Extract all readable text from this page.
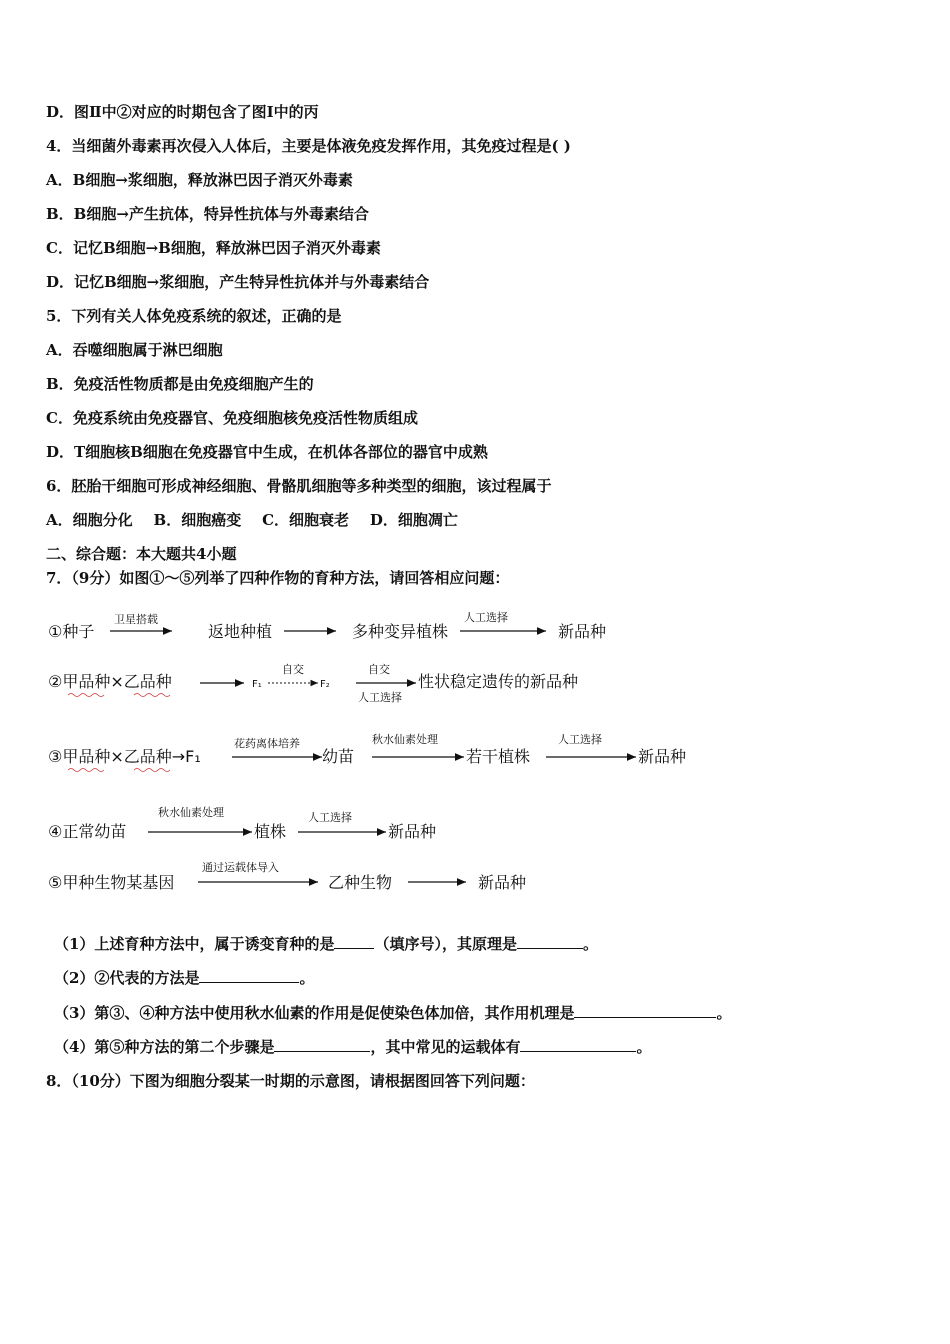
D．图Ⅱ中②对应的时期包含了图Ⅰ中的丙
4．当细菌外毒素再次侵入人体后，主要是体液免疫发挥作用，其免疫过程是( )
A．B细胞→浆细胞，释放淋巴因子消灭外毒素
B．B细胞→产生抗体，特异性抗体与外毒素结合
C．记忆B细胞→B细胞，释放淋巴因子消灭外毒素
D．记忆B细胞→浆细胞，产生特异性抗体并与外毒素结合
5．下列有关人体免疫系统的叙述，正确的是
A．吞噬细胞属于淋巴细胞
B．免疫活性物质都是由免疫细胞产生的
C．免疫系统由免疫器官、免疫细胞核免疫活性物质组成
D．T细胞核B细胞在免疫器官中生成，在机体各部位的器官中成熟
6．胚胎干细胞可形成神经细胞、骨骼肌细胞等多种类型的细胞，该过程属于
A．细胞分化    B．细胞癌变    C．细胞衰老    D．细胞凋亡
二、综合题：本大题共4小题
7．（9分）如图①～⑤列举了四种作物的育种方法，请回答相应问题：
①种子
卫星搭载
返地种植	多种变异植株
人工选择
新品种
②甲品种×乙品种	F₁
自交
F₂
自交
人工选择
性状稳定遗传的新品种
③甲品种×乙品种→F₁
花药离体培养
幼苗
秋水仙素处理
若干植株
人工选择
新品种
④正常幼苗
秋水仙素处理
植株
人工选择
新品种
⑤甲种生物某基因
通过运载体导入
乙种生物	新品种
（1）上述育种方法中，属于诱变育种的是	（填序号），其原理是	。
（2）②代表的方法是	。
（3）第③、④种方法中使用秋水仙素的作用是促使染色体加倍，其作用机理是	。
（4）第⑤种方法的第二个步骤是	，其中常见的运载体有	。
8．（10分）下图为细胞分裂某一时期的示意图，请根据图回答下列问题：
